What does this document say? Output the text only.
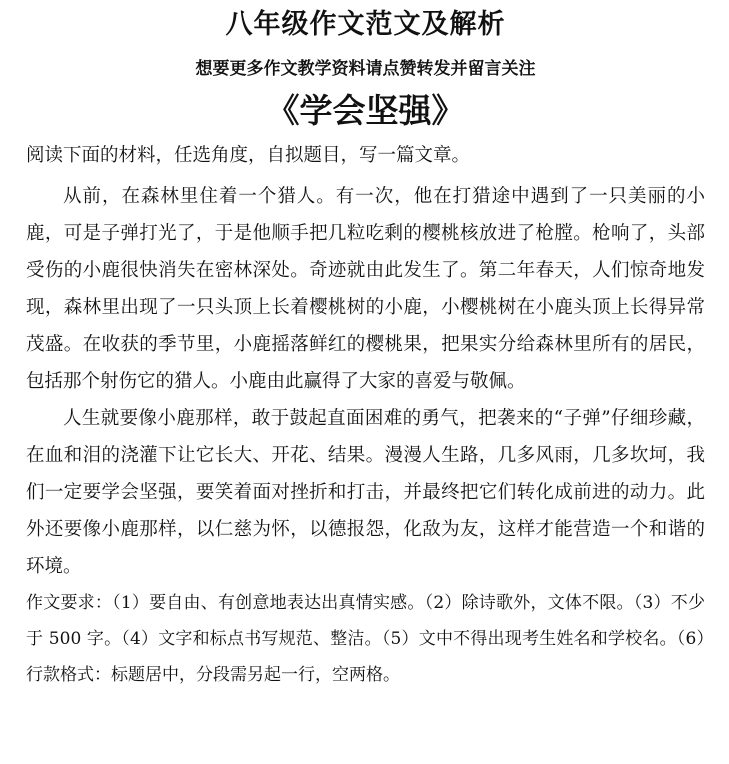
八年级作文范文及解析
想要更多作文教学资料请点赞转发并留言关注
《学会坚强》

阅读下面的材料，任选角度，自拟题目，写一篇文章。

从前，在森林里住着一个猎人。有一次，他在打猎途中遇到了一只美丽的小鹿，可是子弹打光了，于是他顺手把几粒吃剩的樱桃核放进了枪膛。枪响了，头部受伤的小鹿很快消失在密林深处。奇迹就由此发生了。第二年春天，人们惊奇地发现，森林里出现了一只头顶上长着樱桃树的小鹿，小樱桃树在小鹿头顶上长得异常茂盛。在收获的季节里，小鹿摇落鲜红的樱桃果，把果实分给森林里所有的居民，包括那个射伤它的猎人。小鹿由此赢得了大家的喜爱与敬佩。

人生就要像小鹿那样，敢于鼓起直面困难的勇气，把袭来的“子弹”仔细珍藏，在血和泪的浇灌下让它长大、开花、结果。漫漫人生路，几多风雨，几多坎坷，我们一定要学会坚强，要笑着面对挫折和打击，并最终把它们转化成前进的动力。此外还要像小鹿那样，以仁慈为怀，以德报怨，化敌为友，这样才能营造一个和谐的环境。

作文要求：（1）要自由、有创意地表达出真情实感。（2）除诗歌外，文体不限。（3）不少于 500 字。（4）文字和标点书写规范、整洁。（5）文中不得出现考生姓名和学校名。（6）行款格式：标题居中，分段需另起一行，空两格。
